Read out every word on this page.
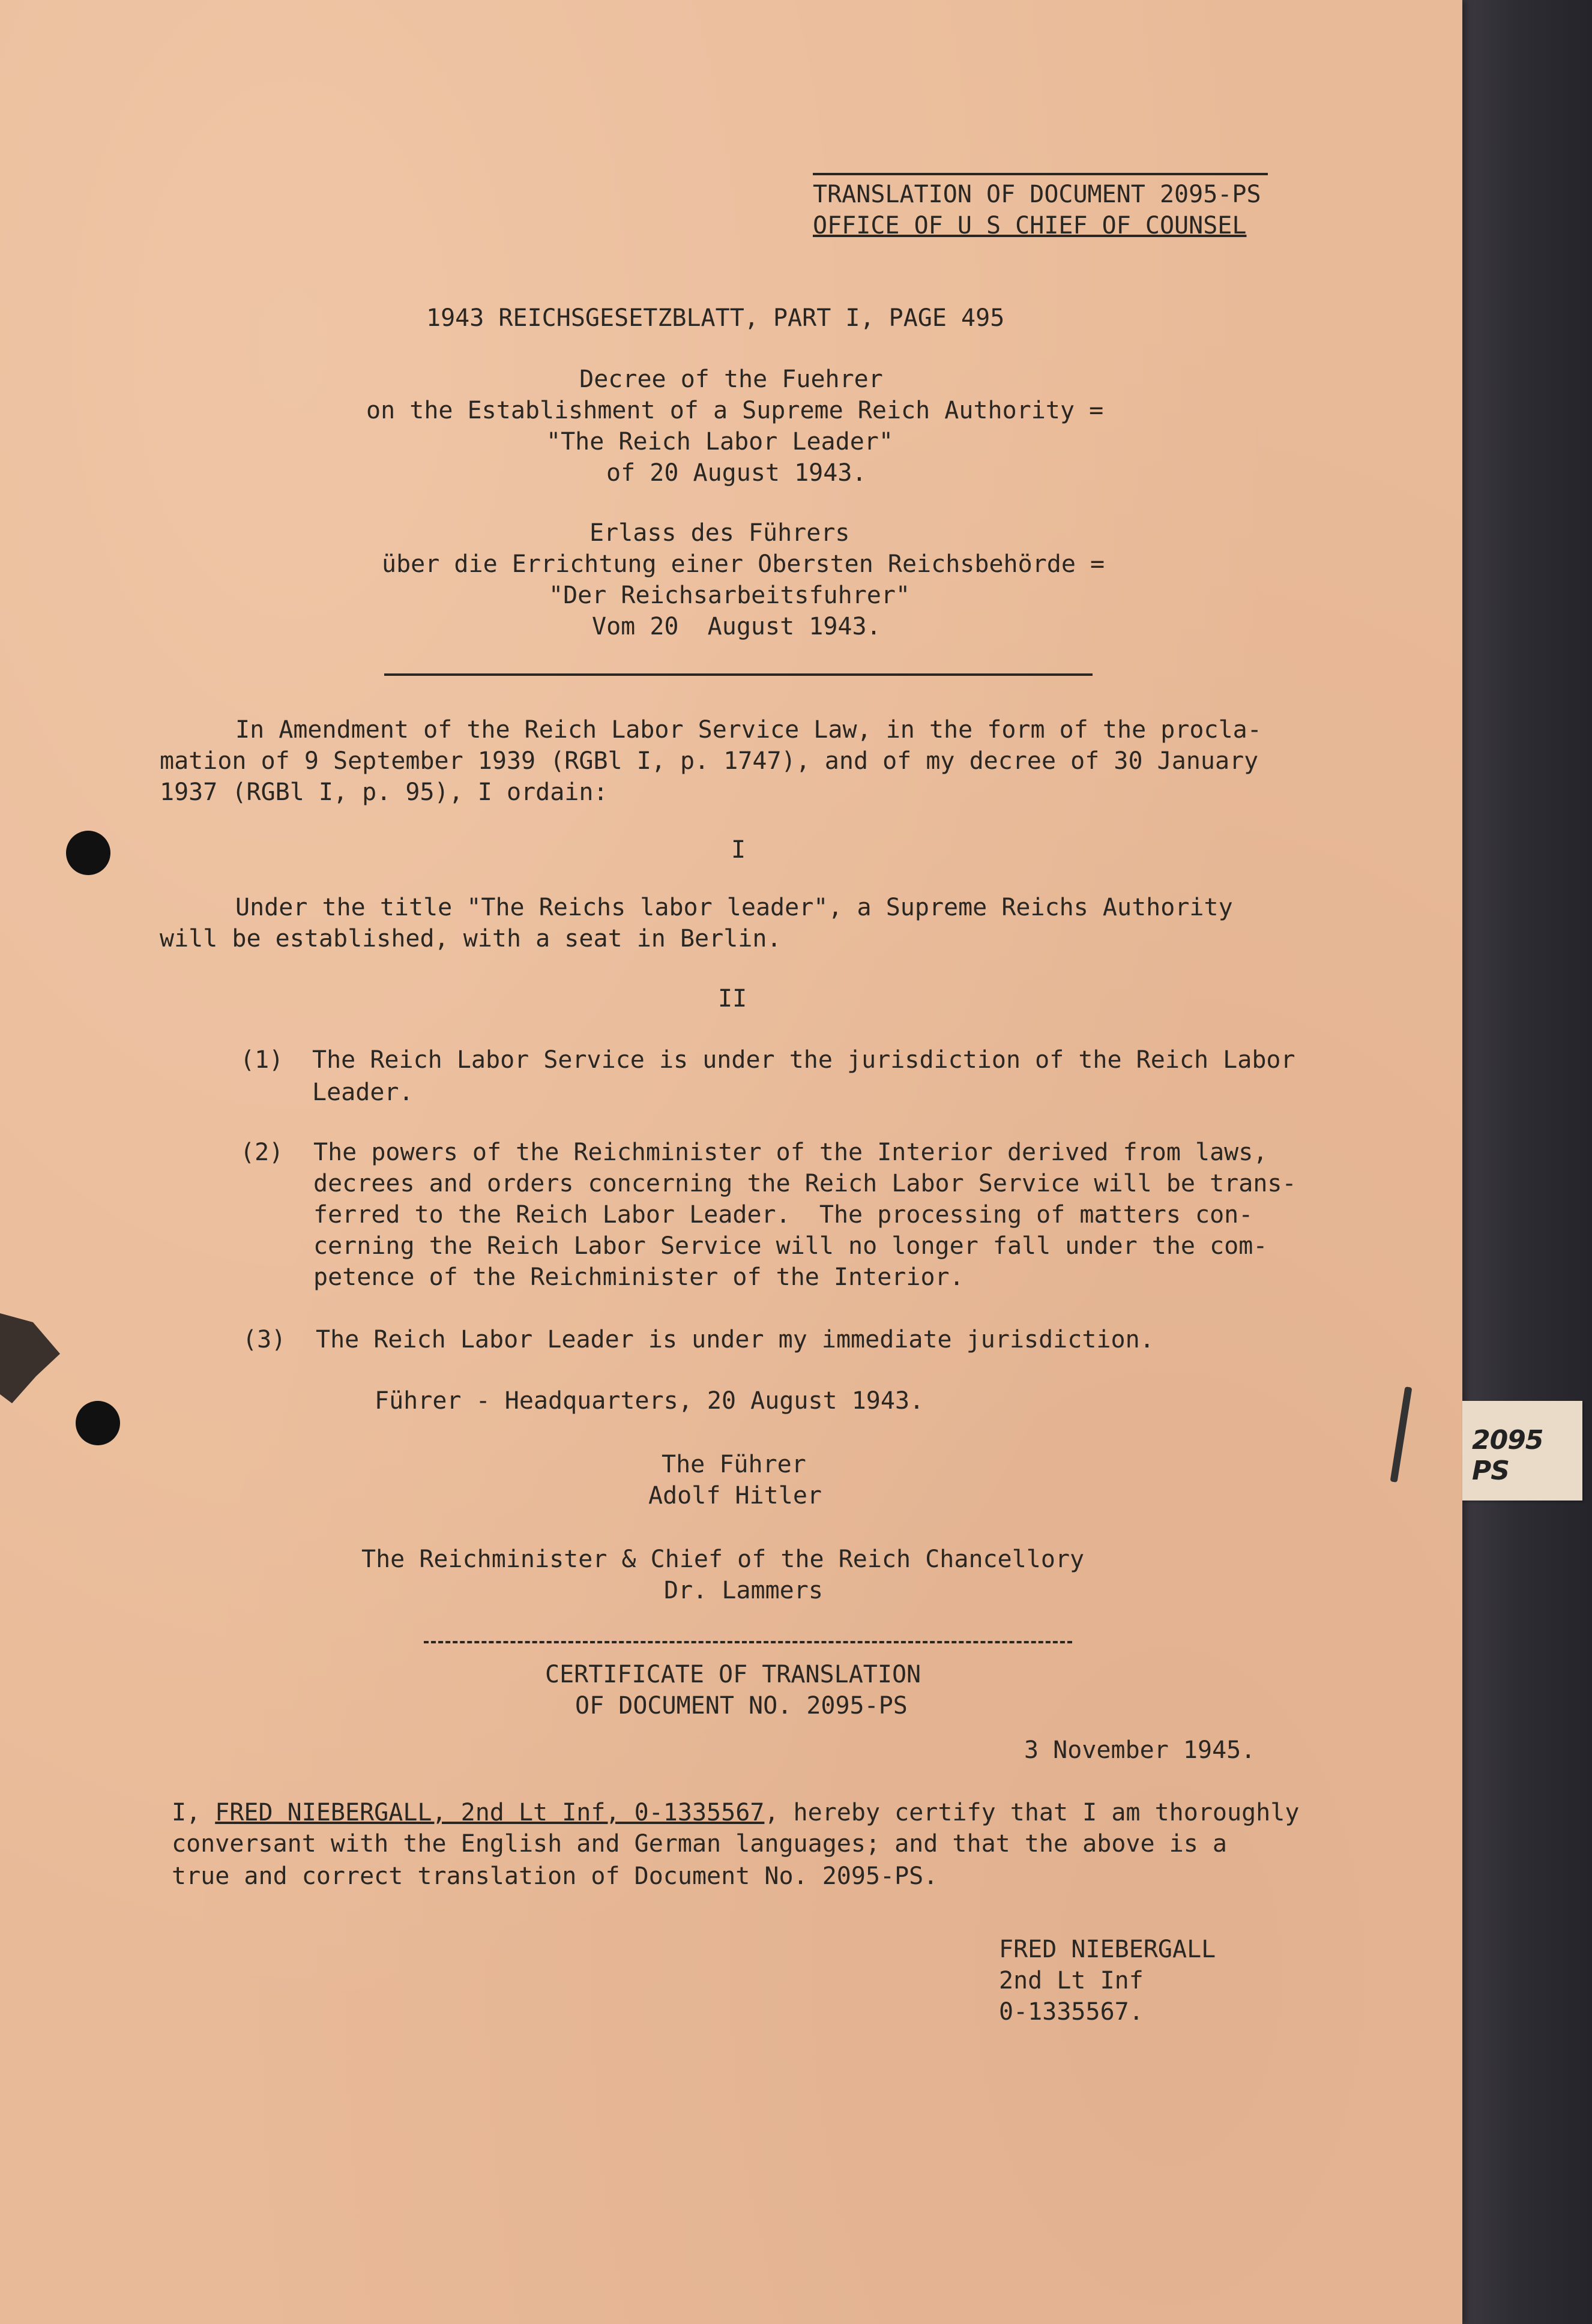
TRANSLATION OF DOCUMENT 2095-PS

OFFICE OF U S CHIEF OF COUNSEL

1943 REICHSGESETZBLATT, PART I, PAGE 495

Decree of the Fuehrer

on the Establishment of a Supreme Reich Authority =

"The Reich Labor Leader"

of 20 August 1943.

Erlass des Führers

über die Errichtung einer Obersten Reichsbehörde =

"Der Reichsarbeitsfuhrer"

Vom 20  August 1943.

In Amendment of the Reich Labor Service Law, in the form of the procla-

mation of 9 September 1939 (RGBl I, p. 1747), and of my decree of 30 January

1937 (RGBl I, p. 95), I ordain:

I

Under the title "The Reichs labor leader", a Supreme Reichs Authority

will be established, with a seat in Berlin.

II

(1) The Reich Labor Service is under the jurisdiction of the Reich Labor

Leader.

(2) The powers of the Reichminister of the Interior derived from laws,

decrees and orders concerning the Reich Labor Service will be trans-

ferred to the Reich Labor Leader.  The processing of matters con-

cerning the Reich Labor Service will no longer fall under the com-

petence of the Reichminister of the Interior.

(3) The Reich Labor Leader is under my immediate jurisdiction.

Führer - Headquarters, 20 August 1943.

The Führer

Adolf Hitler

The Reichminister & Chief of the Reich Chancellory

Dr. Lammers

CERTIFICATE OF TRANSLATION

OF DOCUMENT NO. 2095-PS

3 November 1945.

I, FRED NIEBERGALL, 2nd Lt Inf, 0-1335567, hereby certify that I am thoroughly

conversant with the English and German languages; and that the above is a

true and correct translation of Document No. 2095-PS.

FRED NIEBERGALL

2nd Lt Inf

0-1335567.

2095 PS
